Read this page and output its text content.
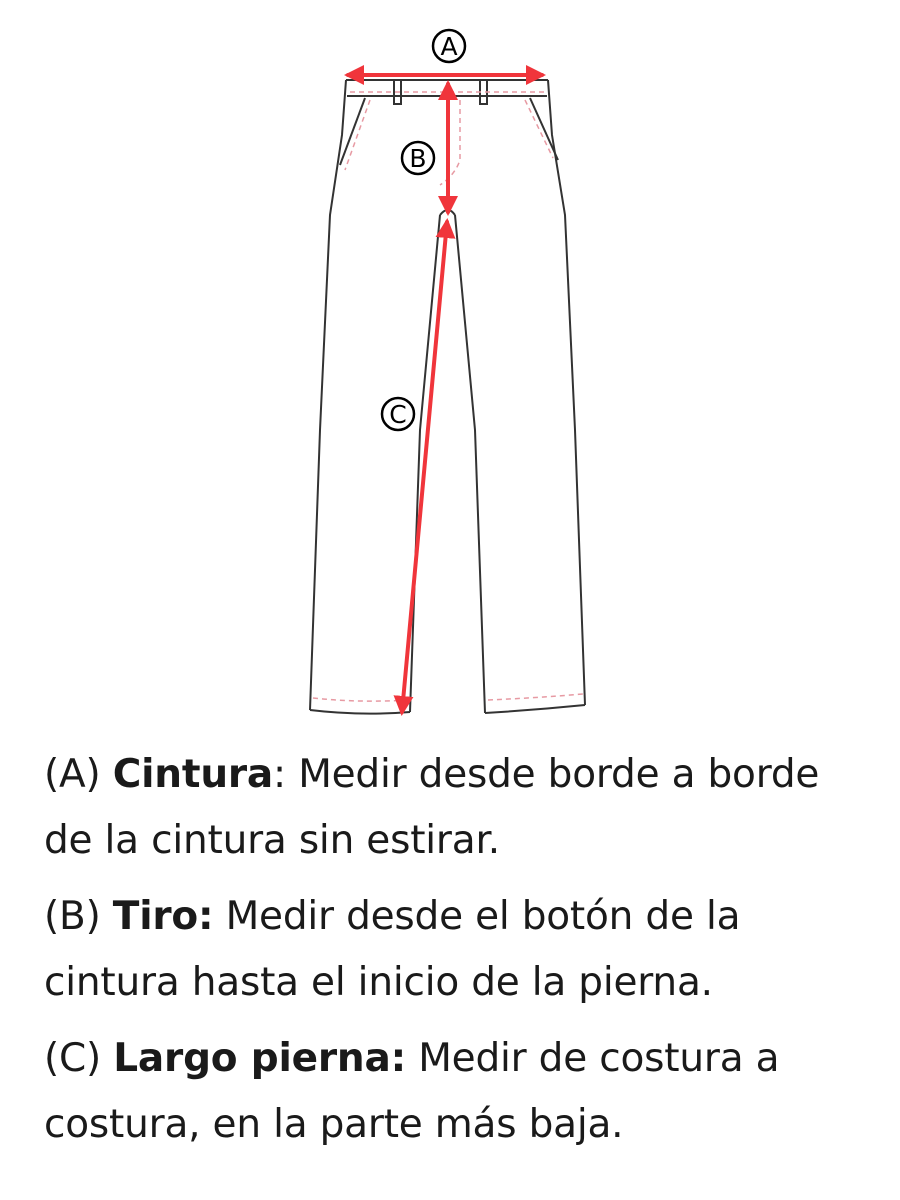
A
B
C

(A) Cintura: Medir desde borde a borde de la cintura sin estirar.

(B) Tiro: Medir desde el botón de la cintura hasta el inicio de la pierna.

(C) Largo pierna: Medir de costura a costura, en la parte más baja.
